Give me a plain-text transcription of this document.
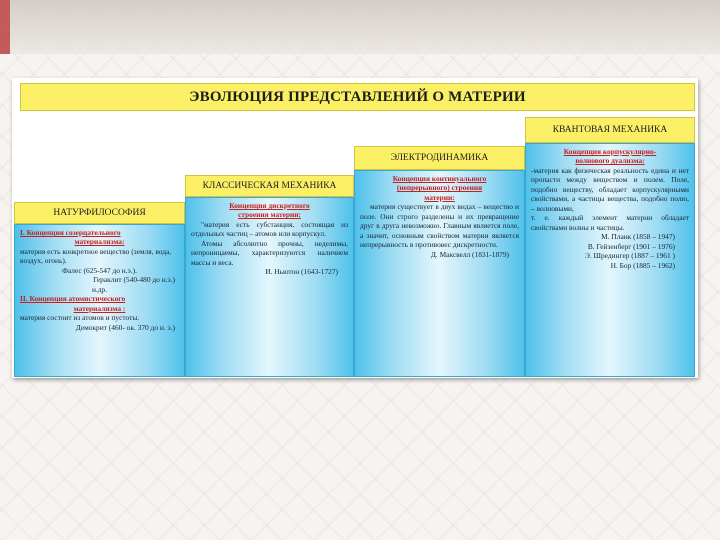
ЭВОЛЮЦИЯ ПРЕДСТАВЛЕНИЙ О МАТЕРИИ
НАТУРФИЛОСОФИЯ

I. Концепция созерцательного

материализма:

материя есть конкретное вещество (земля, вода, воздух, огонь).

Фалес (625-547 до н.э.).

Гераклит (540-480 до н.э.)

и.др.

II. Концепция атомистического

материализма :

материя состоит из атомов и пустоты.

Демокрит (460- ок. 370 до н. э.)

КЛАССИЧЕСКАЯ МЕХАНИКА

Концепция дискретного

строения материи:

"материя есть субстанция, состоящая из отдельных частиц – атомов или корпускул.

Атомы абсолютно прочны, неделимы, непроницаемы, характеризуются наличием массы и веса.

И. Ньютон (1643-1727)

ЭЛЕКТРОДИНАМИКА

Концепция континуального

(непрерывного) строения

материи:

материя существует в двух видах – вещество и поле. Они строго разделены и их превращение друг в друга невозможно. Главным является поле, а значит, основным свойством материи является непрерывность в противовес дискретности.

Д. Максвелл (1831-1879)

КВАНТОВАЯ МЕХАНИКА

Концепция корпускулярно-

волнового дуализма:

-материя как физическая реальность едина и нет пропасти между веществом и полем. Поле, подобно веществу, обладает корпускулярными свойствами, а частицы вещества, подобно полю, – волновыми,

т. е. каждый элемент материи обладает свойствами волны и частицы.

М. Планк (1858 – 1947)
В. Гейзенберг (1901 – 1976)
Э. Шредингер (1887 – 1961 )
Н. Бор (1885 – 1962)
